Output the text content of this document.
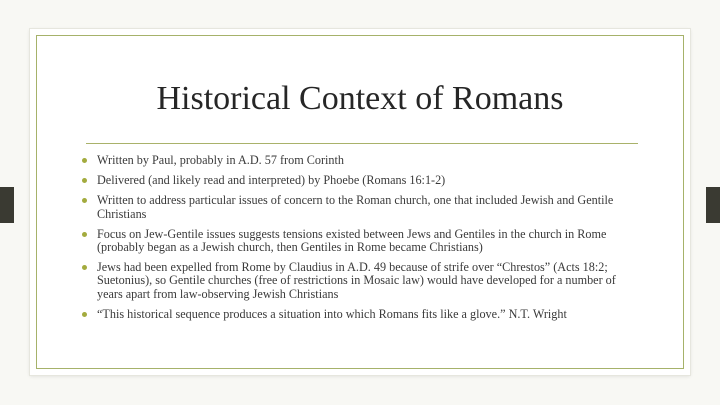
Historical Context of Romans
Written by Paul, probably in A.D. 57 from Corinth
Delivered (and likely read and interpreted) by Phoebe (Romans 16:1-2)
Written to address particular issues of concern to the Roman church, one that included Jewish and Gentile Christians
Focus on Jew-Gentile issues suggests tensions existed between Jews and Gentiles in the church in Rome (probably began as a Jewish church, then Gentiles in Rome became Christians)
Jews had been expelled from Rome by Claudius in A.D. 49 because of strife over “Chrestos” (Acts 18:2; Suetonius), so Gentile churches (free of restrictions in Mosaic law) would have developed for a number of years apart from law-observing Jewish Christians
“This historical sequence produces a situation into which Romans fits like a glove.” N.T. Wright
